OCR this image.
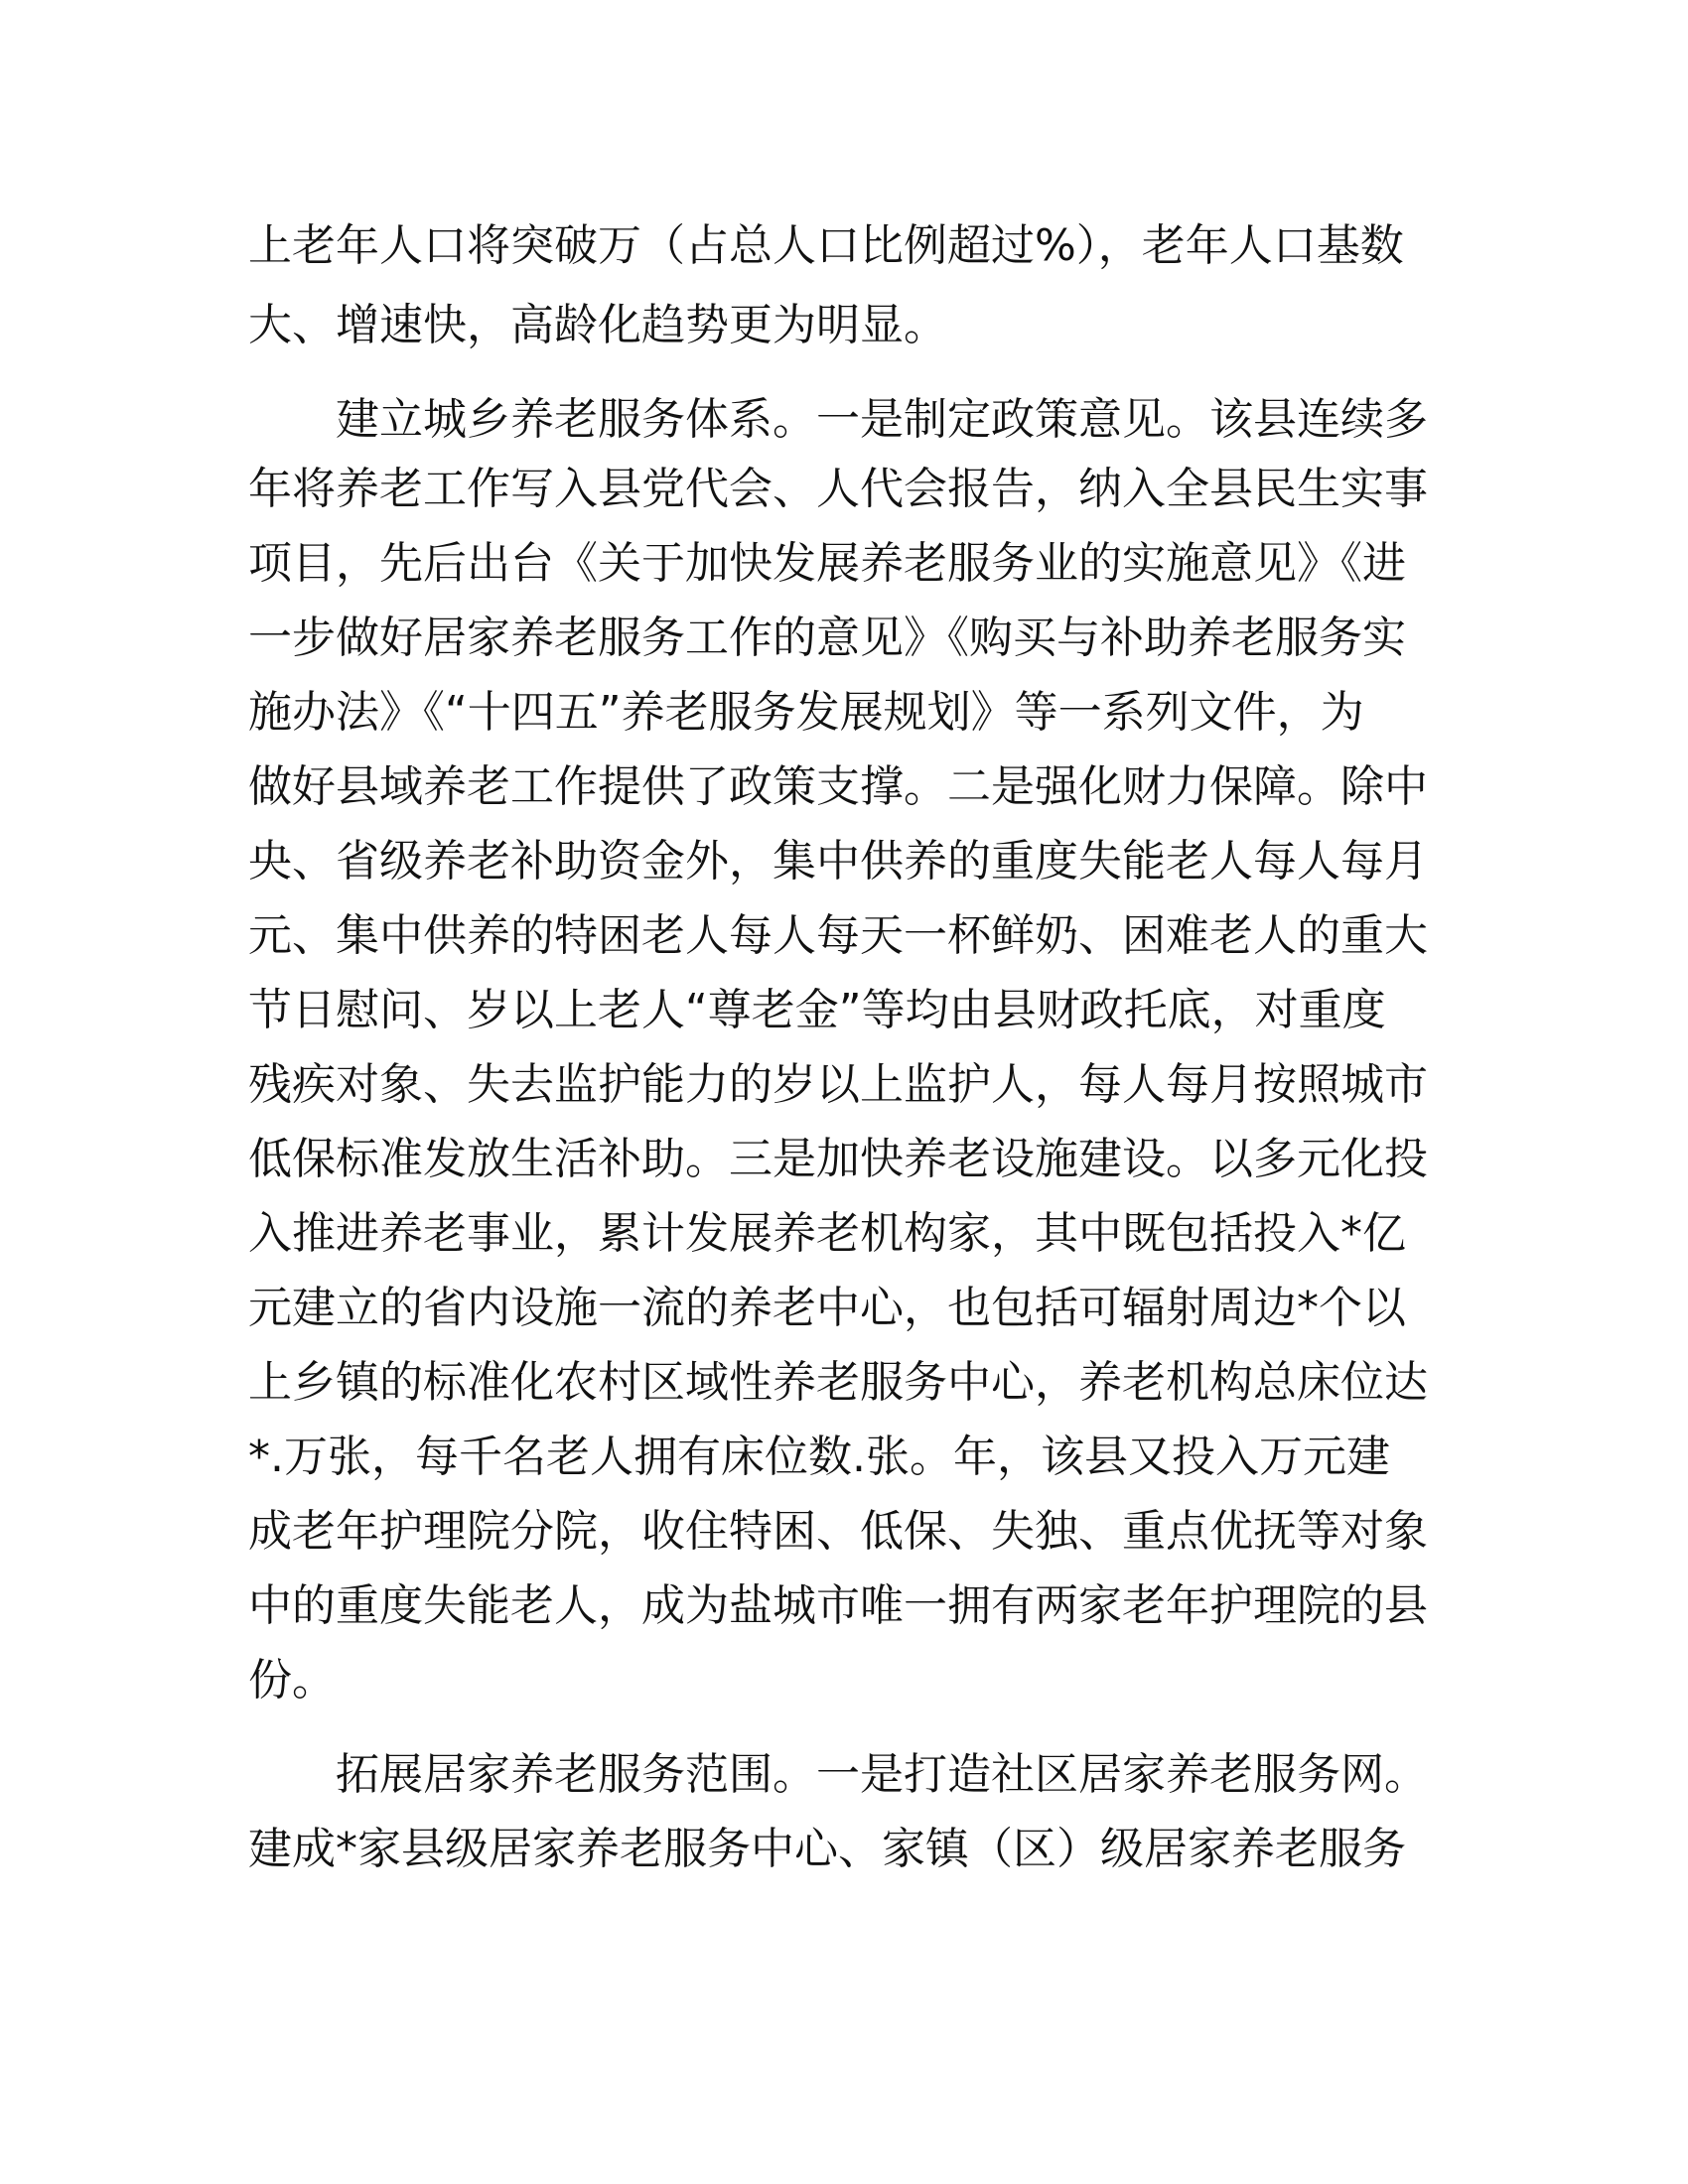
上老年人口将突破万（占总人口比例超过%），老年人口基数
大、增速快，高龄化趋势更为明显。
建立城乡养老服务体系。一是制定政策意见。该县连续多
年将养老工作写入县党代会、人代会报告，纳入全县民生实事
项目，先后出台《关于加快发展养老服务业的实施意见》《进
一步做好居家养老服务工作的意见》《购买与补助养老服务实
施办法》《“十四五”养老服务发展规划》等一系列文件，为
做好县域养老工作提供了政策支撑。二是强化财力保障。除中
央、省级养老补助资金外，集中供养的重度失能老人每人每月
元、集中供养的特困老人每人每天一杯鲜奶、困难老人的重大
节日慰问、岁以上老人“尊老金”等均由县财政托底，对重度
残疾对象、失去监护能力的岁以上监护人，每人每月按照城市
低保标准发放生活补助。三是加快养老设施建设。以多元化投
入推进养老事业，累计发展养老机构家，其中既包括投入*亿
元建立的省内设施一流的养老中心，也包括可辐射周边*个以
上乡镇的标准化农村区域性养老服务中心，养老机构总床位达
*.万张，每千名老人拥有床位数.张。年，该县又投入万元建
成老年护理院分院，收住特困、低保、失独、重点优抚等对象
中的重度失能老人，成为盐城市唯一拥有两家老年护理院的县
份。
拓展居家养老服务范围。一是打造社区居家养老服务网。
建成*家县级居家养老服务中心、家镇（区）级居家养老服务
